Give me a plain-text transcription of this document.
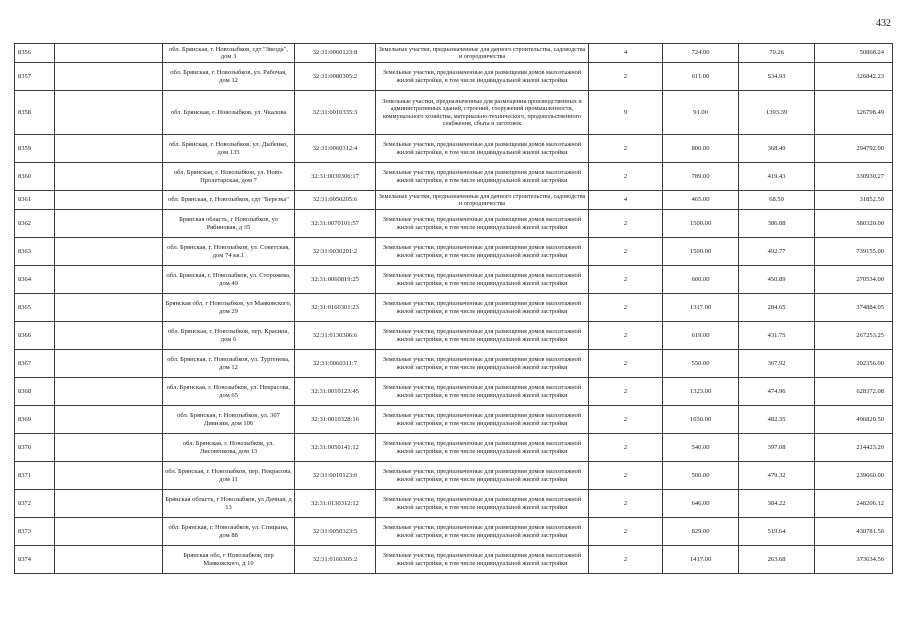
432
8356		обл. Брянская, г. Новозыбков, сдт "Звезда", дом 3	32:31:0060123:8	Земельные участки, предназначенные для дачного строительства, садоводства и огородничества	4	724.00	70.26	50868.24
8357		обл. Брянская, г. Новозыбков, ул. Рабочая, дом 12	32:31:0080305:2	Земельные участки, предназначенные для размещения домов малоэтажной жилой застройки, в том числе индивидуальной жилой застройки	2	611.00	534.93	326842.23
8358		обл. Брянская, г. Новозыбков, ул. Чкалова	32:31:0010335:3	Земельные участки, предназначенные для размещения производственных и административных зданий, строений, сооружений промышленности, коммунального хозяйства, материально-технического, продовольственного снабжения, сбыта и заготовок	9	91.00	1393.39	126798.49
8359		обл. Брянская, г. Новозыбков, ул. Дыбенко, дом 135	32:31:0060312:4	Земельные участки, предназначенные для размещения домов малоэтажной жилой застройки, в том числе индивидуальной жилой застройки	2	800.00	368.49	294792.00
8360		обл. Брянская, г. Новозыбков, ул. Ново-Пролетарская, дом 7	32:31:0030306:17	Земельные участки, предназначенные для размещения домов малоэтажной жилой застройки, в том числе индивидуальной жилой застройки	2	789.00	419.43	330930.27
8361		обл. Брянская, г. Новозыбков, сдт "Березка"	32:31:0050205:6	Земельные участки, предназначенные для дачного строительства, садоводства и огородничества	4	465.00	68.50	31852.50
8362		Брянская область, г Новозыбков, ул Рябиновая, д 35	32:31:0070101:57	Земельные участки, предназначенные для размещения домов малоэтажной жилой застройки, в том числе индивидуальной жилой застройки	2	1500.00	386.88	580320.00
8363		обл. Брянская, г. Новозыбков, ул. Советская, дом 74 кв.1	32:31:0030201:2	Земельные участки, предназначенные для размещения домов малоэтажной жилой застройки, в том числе индивидуальной жилой застройки	2	1500.00	492.77	739155.00
8364		обл. Брянская, г. Новозыбков, ул. Сторожева, дом 49	32:31:0060819:25	Земельные участки, предназначенные для размещения домов малоэтажной жилой застройки, в том числе индивидуальной жилой застройки	2	600.00	450.89	270534.00
8365		Брянская обл, г Новозыбков, ул Маяковского, дом 29	32:31:0160301:23	Земельные участки, предназначенные для размещения домов малоэтажной жилой застройки, в том числе индивидуальной жилой застройки	2	1317.00	284.65	374884.05
8366		обл. Брянская, г. Новозыбков, пер. Красина, дом 6	32:31:0130306:6	Земельные участки, предназначенные для размещения домов малоэтажной жилой застройки, в том числе индивидуальной жилой застройки	2	619.00	431.75	267253.25
8367		обл. Брянская, г. Новозыбков, ул. Тургенева, дом 12	32:31:0060311:7	Земельные участки, предназначенные для размещения домов малоэтажной жилой застройки, в том числе индивидуальной жилой застройки	2	550.00	367.92	202356.00
8368		обл. Брянская, г. Новозыбков, ул. Некрасова, дом 65	32:31:0010123:45	Земельные участки, предназначенные для размещения домов малоэтажной жилой застройки, в том числе индивидуальной жилой застройки	2	1323.00	474.96	628372.08
8369		обл. Брянская, г. Новозыбков, ул. 307 Дивизии, дом 106	32:31:0010328:16	Земельные участки, предназначенные для размещения домов малоэтажной жилой застройки, в том числе индивидуальной жилой застройки	2	1030.00	482.35	496820.50
8370		обл. Брянская, г. Новозыбков, ул. Лисовенкова, дом 13	32:31:0050141:12	Земельные участки, предназначенные для размещения домов малоэтажной жилой застройки, в том числе индивидуальной жилой застройки	2	540.00	397.08	214423.20
8371		обл. Брянская, г. Новозыбков, пер. Некрасова, дом 11	32:31:0010123:6	Земельные участки, предназначенные для размещения домов малоэтажной жилой застройки, в том числе индивидуальной жилой застройки	2	500.00	479.32	239660.00
8372		Брянская область, г Новозыбков, ул Дачная, д 13	32:31:0130312:12	Земельные участки, предназначенные для размещения домов малоэтажной жилой застройки, в том числе индивидуальной жилой застройки	2	646.00	384.22	248206.12
8373		обл. Брянская, г. Новозыбков, ул. Спицына, дом 88	32:31:0050323:5	Земельные участки, предназначенные для размещения домов малоэтажной жилой застройки, в том числе индивидуальной жилой застройки	2	829.00	519.64	430781.56
8374		Брянская обл, г Новозыбков, пер Маяковского, д 10	32:31:0160305:2	Земельные участки, предназначенные для размещения домов малоэтажной жилой застройки, в том числе индивидуальной жилой застройки	2	1417.00	263.68	373634.56
